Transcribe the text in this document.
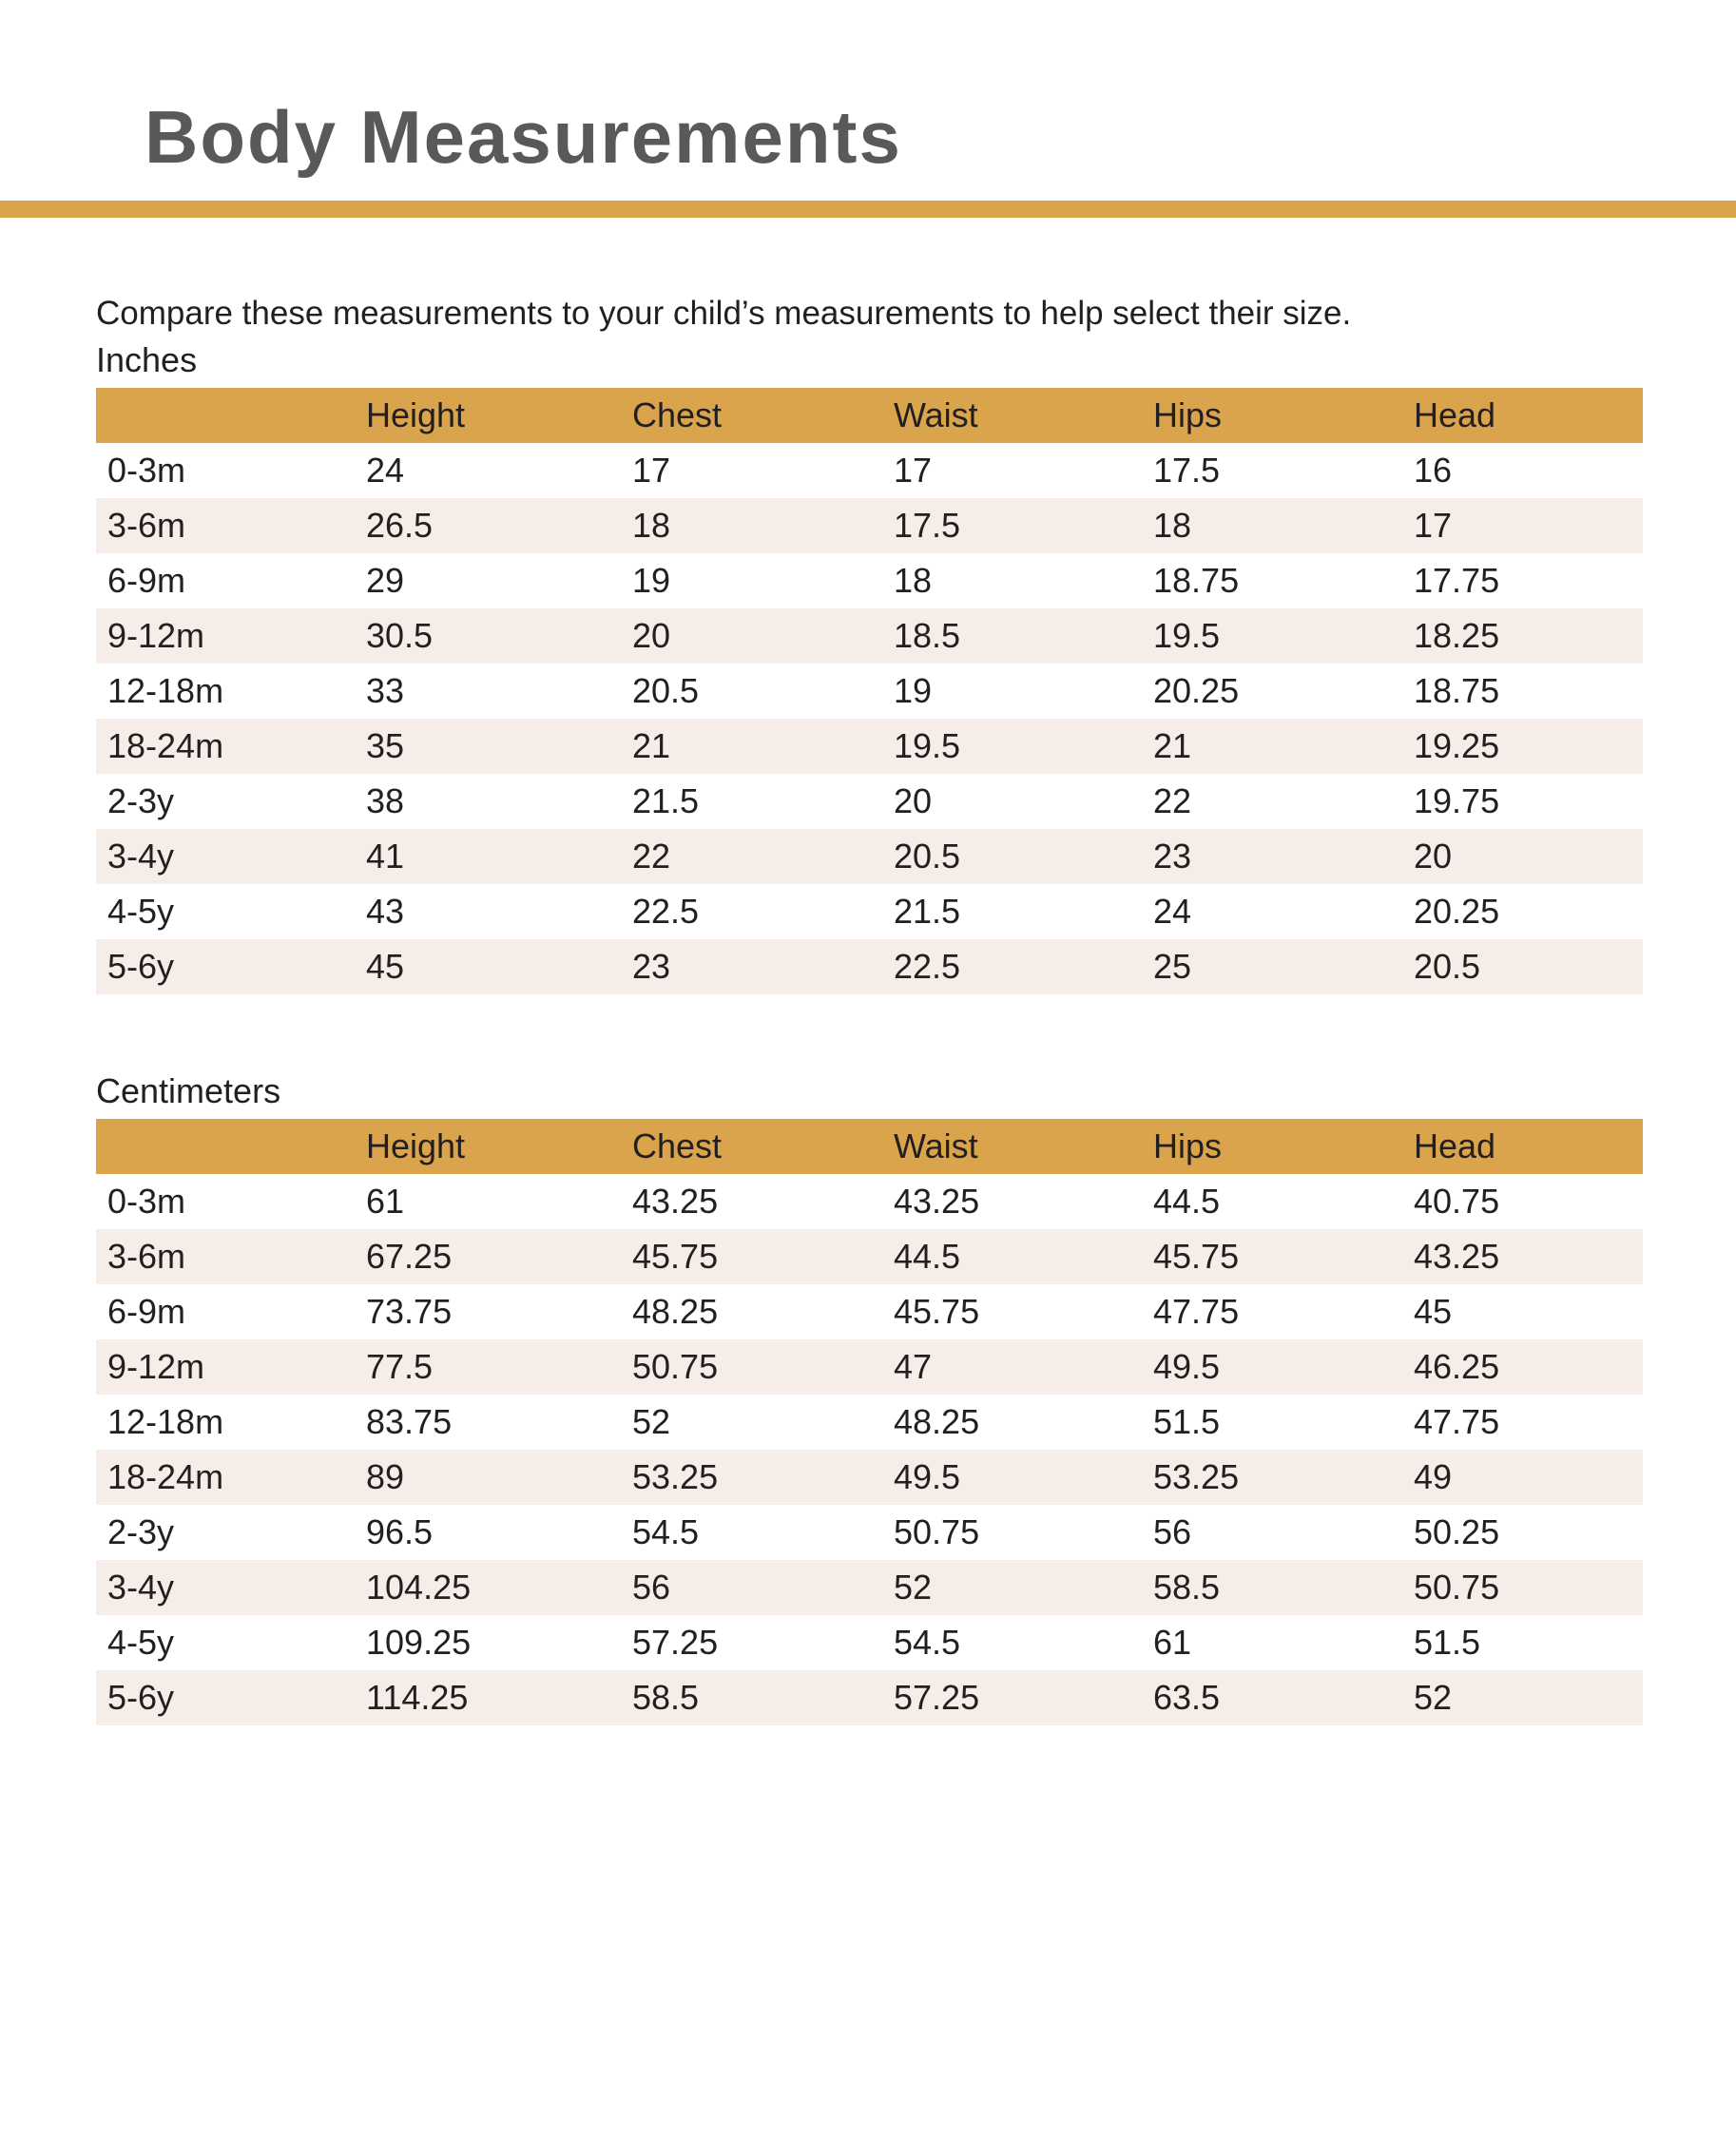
Body Measurements

Compare these measurements to your child’s measurements to help select their size.

Inches
	Height	Chest	Waist	Hips	Head
0-3m	24	17	17	17.5	16
3-6m	26.5	18	17.5	18	17
6-9m	29	19	18	18.75	17.75
9-12m	30.5	20	18.5	19.5	18.25
12-18m	33	20.5	19	20.25	18.75
18-24m	35	21	19.5	21	19.25
2-3y	38	21.5	20	22	19.75
3-4y	41	22	20.5	23	20
4-5y	43	22.5	21.5	24	20.25
5-6y	45	23	22.5	25	20.5
Centimeters
	Height	Chest	Waist	Hips	Head
0-3m	61	43.25	43.25	44.5	40.75
3-6m	67.25	45.75	44.5	45.75	43.25
6-9m	73.75	48.25	45.75	47.75	45
9-12m	77.5	50.75	47	49.5	46.25
12-18m	83.75	52	48.25	51.5	47.75
18-24m	89	53.25	49.5	53.25	49
2-3y	96.5	54.5	50.75	56	50.25
3-4y	104.25	56	52	58.5	50.75
4-5y	109.25	57.25	54.5	61	51.5
5-6y	114.25	58.5	57.25	63.5	52
